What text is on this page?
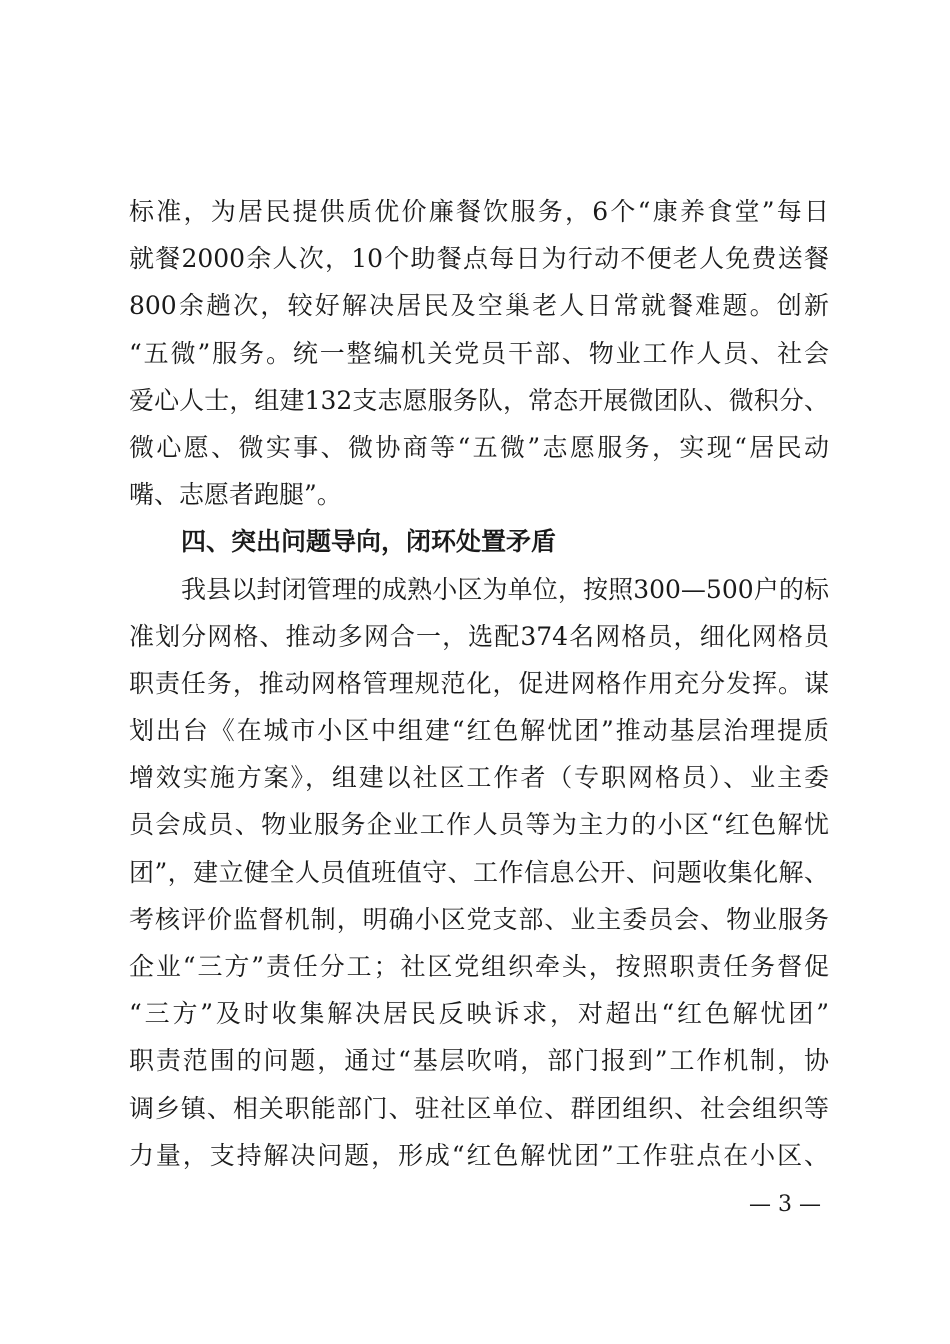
标准，为居民提供质优价廉餐饮服务，6个“康养食堂”每日
就餐2000余人次，10个助餐点每日为行动不便老人免费送餐
800余趟次，较好解决居民及空巢老人日常就餐难题。创新
“五微”服务。统一整编机关党员干部、物业工作人员、社会
爱心人士，组建132支志愿服务队，常态开展微团队、微积分、
微心愿、微实事、微协商等“五微”志愿服务，实现“居民动
嘴、志愿者跑腿”。
四、突出问题导向，闭环处置矛盾
我县以封闭管理的成熟小区为单位，按照300—500户的标
准划分网格、推动多网合一，选配374名网格员，细化网格员
职责任务，推动网格管理规范化，促进网格作用充分发挥。谋
划出台《在城市小区中组建“红色解忧团”推动基层治理提质
增效实施方案》，组建以社区工作者（专职网格员）、业主委
员会成员、物业服务企业工作人员等为主力的小区“红色解忧
团”，建立健全人员值班值守、工作信息公开、问题收集化解、
考核评价监督机制，明确小区党支部、业主委员会、物业服务
企业“三方”责任分工；社区党组织牵头，按照职责任务督促
“三方”及时收集解决居民反映诉求，对超出“红色解忧团”
职责范围的问题，通过“基层吹哨，部门报到”工作机制，协
调乡镇、相关职能部门、驻社区单位、群团组织、社会组织等
力量，支持解决问题，形成“红色解忧团”工作驻点在小区、
— 3 —
